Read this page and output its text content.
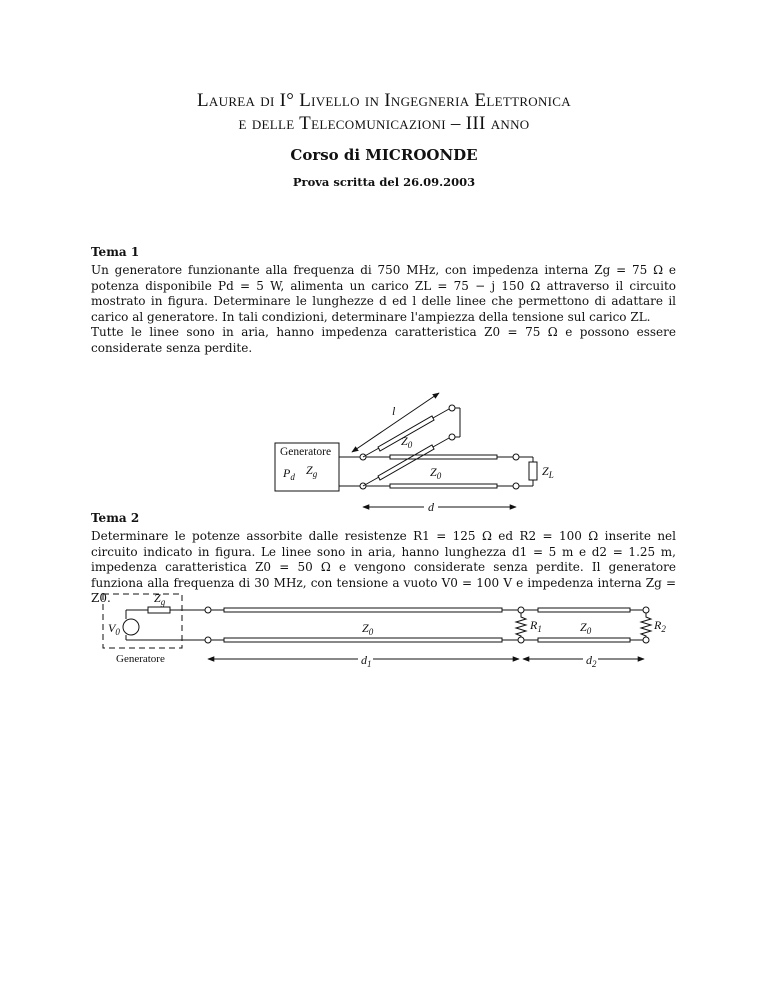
Laurea di I° Livello in Ingegneria Elettronica
e delle Telecomunicazioni – III anno
Corso di MICROONDE
Prova scritta del 26.09.2003
Tema 1

Un generatore funzionante alla frequenza di 750 MHz, con impedenza interna Zg = 75 Ω e potenza disponibile Pd = 5 W, alimenta un carico ZL = 75 − j 150 Ω attraverso il circuito mostrato in figura. Determinare le lunghezze d ed l delle linee che permettono di adattare il carico al generatore. In tali condizioni, determinare l'ampiezza della tensione sul carico ZL.

Tutte le linee sono in aria, hanno impedenza caratteristica Z0 = 75 Ω e possono essere considerate senza perdite.

Tema 2

Determinare le potenze assorbite dalle resistenze R1 = 125 Ω ed R2 = 100 Ω inserite nel circuito indicato in figura. Le linee sono in aria, hanno lunghezza d1 = 5 m e d2 = 1.25 m, impedenza caratteristica Z0 = 50 Ω e vengono considerate senza perdite. Il generatore funziona alla frequenza di 30 MHz, con tensione a vuoto V0 = 100 V e impedenza interna Zg = Z0.

Generatore
$P_d$ $Z_g$
$Z_0$
$Z_0$	$Z_L$
l
d
$Z_g$
$V_0$
Generatore
$Z_0$	$R_1$	$Z_0$	$R_2$
$d_1$	$d_2$
